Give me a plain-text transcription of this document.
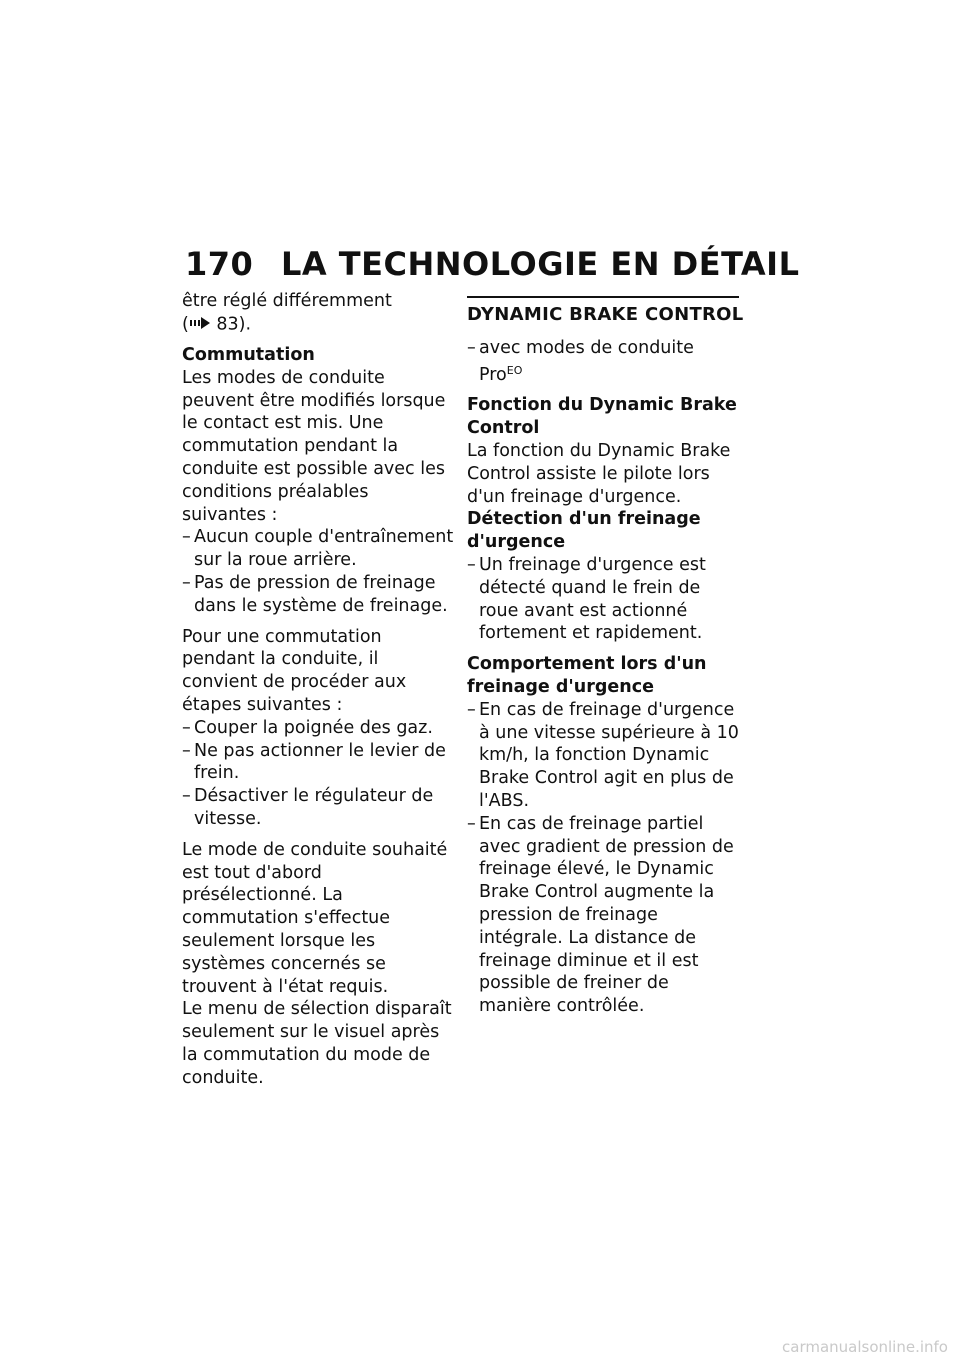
170 LA TECHNOLOGIE EN DÉTAIL

être réglé différemment
( 83).

Commutation

Les modes de conduite peuvent être modifiés lorsque le contact est mis. Une commutation pendant la conduite est possible avec les conditions préalables suivantes :

– Aucun couple d'entraînement sur la roue arrière.
– Pas de pression de freinage dans le système de freinage.

Pour une commutation pendant la conduite, il convient de procéder aux étapes suivantes :

– Couper la poignée des gaz.
– Ne pas actionner le levier de frein.
– Désactiver le régulateur de vitesse.

Le mode de conduite souhaité est tout d'abord présélectionné. La commutation s'effectue seulement lorsque les systèmes concernés se trouvent à l'état requis.

Le menu de sélection disparaît seulement sur le visuel après la commutation du mode de conduite.

DYNAMIC BRAKE CONTROL
– avec modes de conduite Pro$^{EO}$
Fonction du Dynamic Brake Control

La fonction du Dynamic Brake Control assiste le pilote lors d'un freinage d'urgence.

Détection d'un freinage d'urgence
– Un freinage d'urgence est détecté quand le frein de roue avant est actionné fortement et rapidement.
Comportement lors d'un freinage d'urgence
– En cas de freinage d'urgence à une vitesse supérieure à 10 km/h, la fonction Dynamic Brake Control agit en plus de l'ABS.
– En cas de freinage partiel avec gradient de pression de freinage élevé, le Dynamic Brake Control augmente la pression de freinage intégrale. La distance de freinage diminue et il est possible de freiner de manière contrôlée.
carmanualsonline.info
